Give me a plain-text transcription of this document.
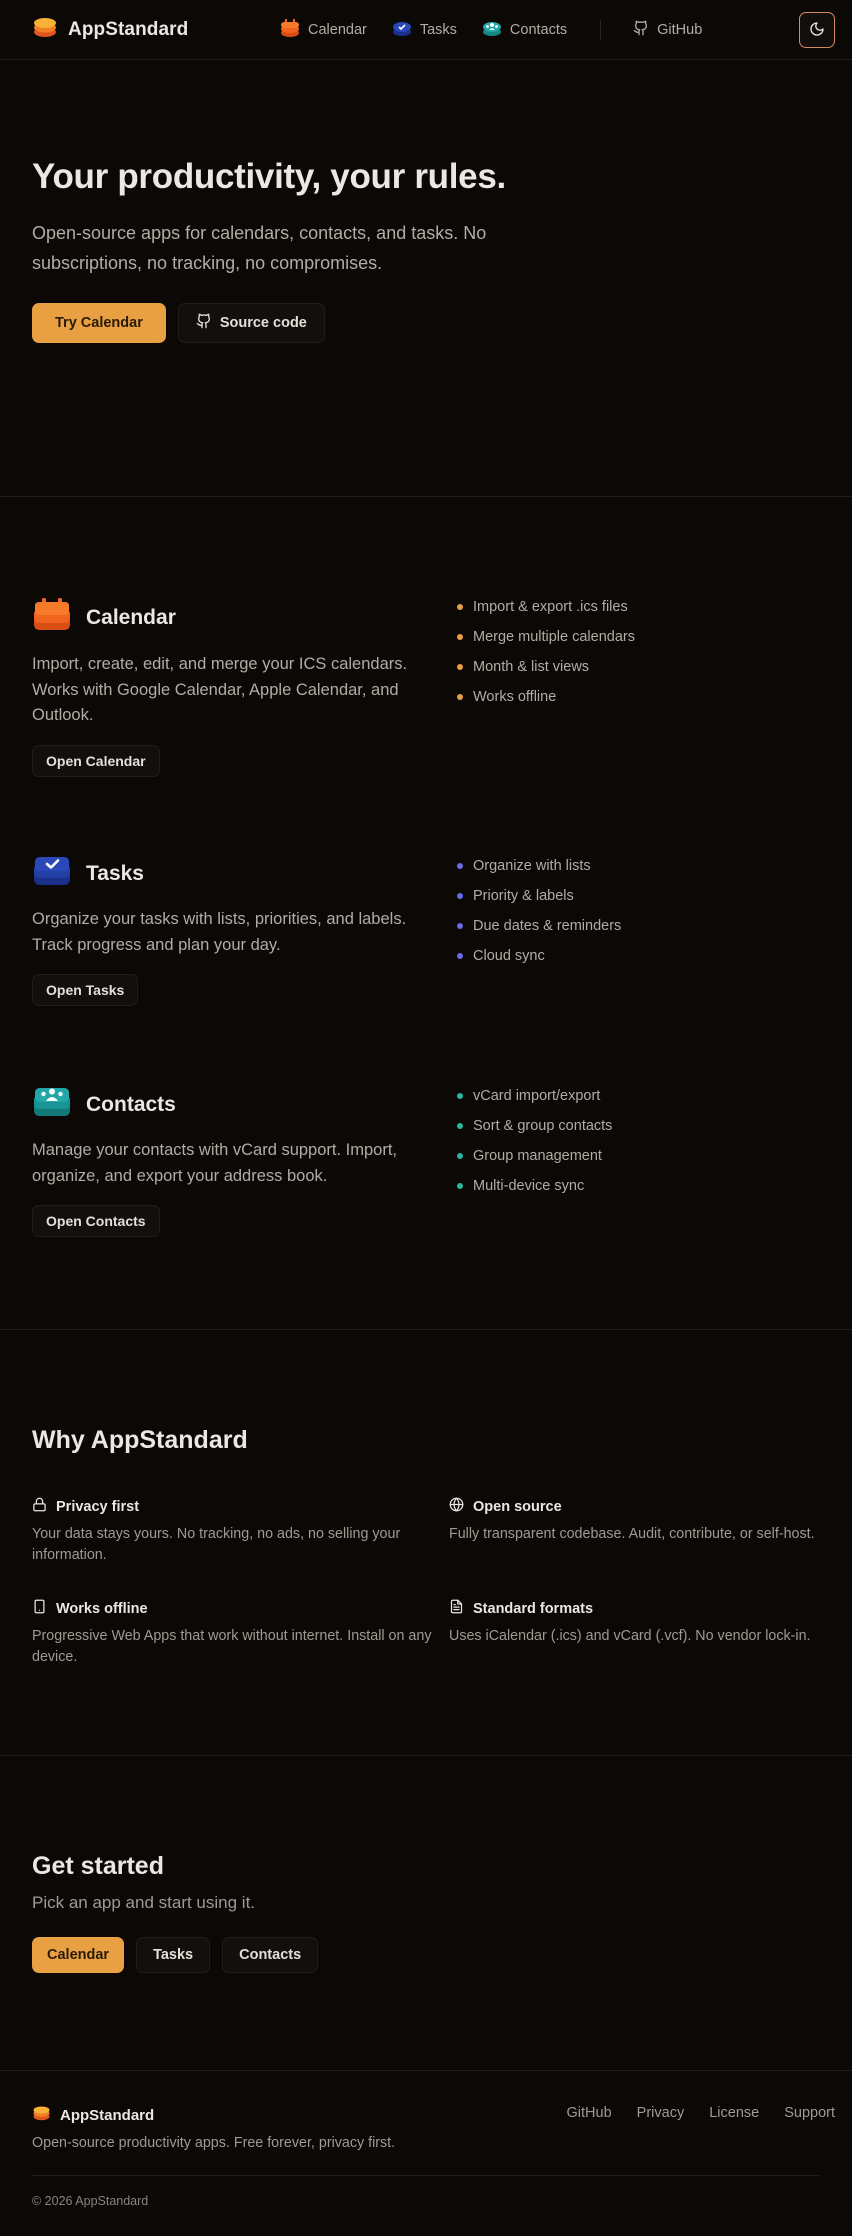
AppStandard	Calendar	Tasks	Contacts	GitHub
Your productivity, your rules.

Open-source apps for calendars, contacts, and tasks. No subscriptions, no tracking, no compromises.

Try Calendar	Source code
Calendar

Import, create, edit, and merge your ICS calendars. Works with Google Calendar, Apple Calendar, and Outlook.

Open Calendar
Import & export .ics files
Merge multiple calendars
Month & list views
Works offline
Tasks

Organize your tasks with lists, priorities, and labels. Track progress and plan your day.

Open Tasks
Organize with lists
Priority & labels
Due dates & reminders
Cloud sync
Contacts

Manage your contacts with vCard support. Import, organize, and export your address book.

Open Contacts
vCard import/export
Sort & group contacts
Group management
Multi-device sync
Why AppStandard
Privacy first

Your data stays yours. No tracking, no ads, no selling your information.

Open source

Fully transparent codebase. Audit, contribute, or self-host.

Works offline

Progressive Web Apps that work without internet. Install on any device.

Standard formats

Uses iCalendar (.ics) and vCard (.vcf). No vendor lock-in.

Get started

Pick an app and start using it.

Calendar	Tasks	Contacts
AppStandard

Open-source productivity apps. Free forever, privacy first.

GitHub Privacy License Support

© 2026 AppStandard
